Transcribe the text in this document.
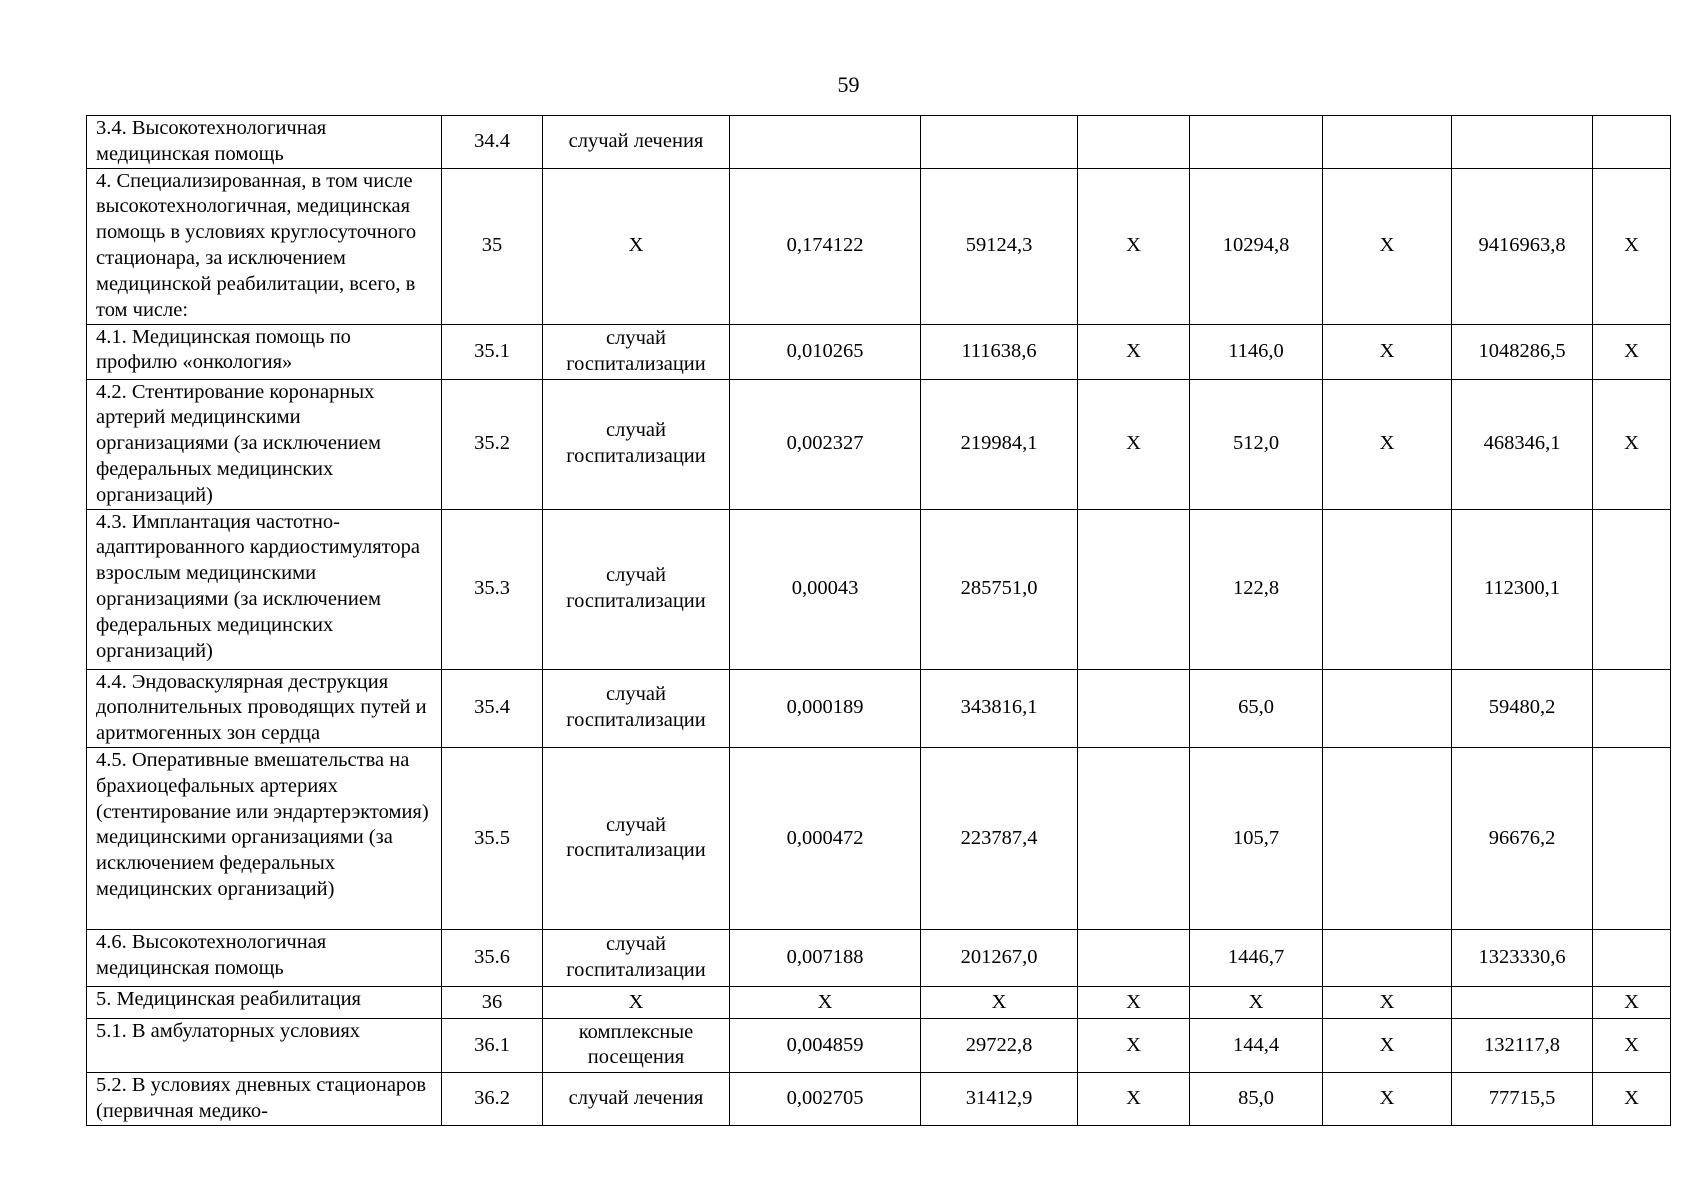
59
3.4. Высокотехнологичная медицинская помощь	34.4	случай лечения							
4. Специализированная, в том числе высокотехнологичная, медицинская помощь в условиях круглосуточного стационара, за исключением медицинской реабилитации, всего, в том числе:	35	X	0,174122	59124,3	X	10294,8	X	9416963,8	X
4.1. Медицинская помощь по профилю «онкология»	35.1	случай госпитализации	0,010265	111638,6	X	1146,0	X	1048286,5	X
4.2. Стентирование коронарных артерий медицинскими организациями (за исключением федеральных медицинских организаций)	35.2	случай госпитализации	0,002327	219984,1	X	512,0	X	468346,1	X
4.3. Имплантация частотно-адаптированного кардиостимулятора взрослым медицинскими организациями (за исключением федеральных медицинских организаций)	35.3	случай госпитализации	0,00043	285751,0		122,8		112300,1	
4.4. Эндоваскулярная деструкция дополнительных проводящих путей и аритмогенных зон сердца	35.4	случай госпитализации	0,000189	343816,1		65,0		59480,2	
4.5. Оперативные вмешательства на брахиоцефальных артериях (стентирование или эндартерэктомия) медицинскими организациями (за исключением федеральных медицинских организаций)	35.5	случай госпитализации	0,000472	223787,4		105,7		96676,2	
4.6. Высокотехнологичная медицинская помощь	35.6	случай госпитализации	0,007188	201267,0		1446,7		1323330,6	
5. Медицинская реабилитация	36	X	X	X	X	X	X		X
5.1. В амбулаторных условиях	36.1	комплексные посещения	0,004859	29722,8	X	144,4	X	132117,8	X
5.2. В условиях дневных стационаров (первичная медико-	36.2	случай лечения	0,002705	31412,9	X	85,0	X	77715,5	X
